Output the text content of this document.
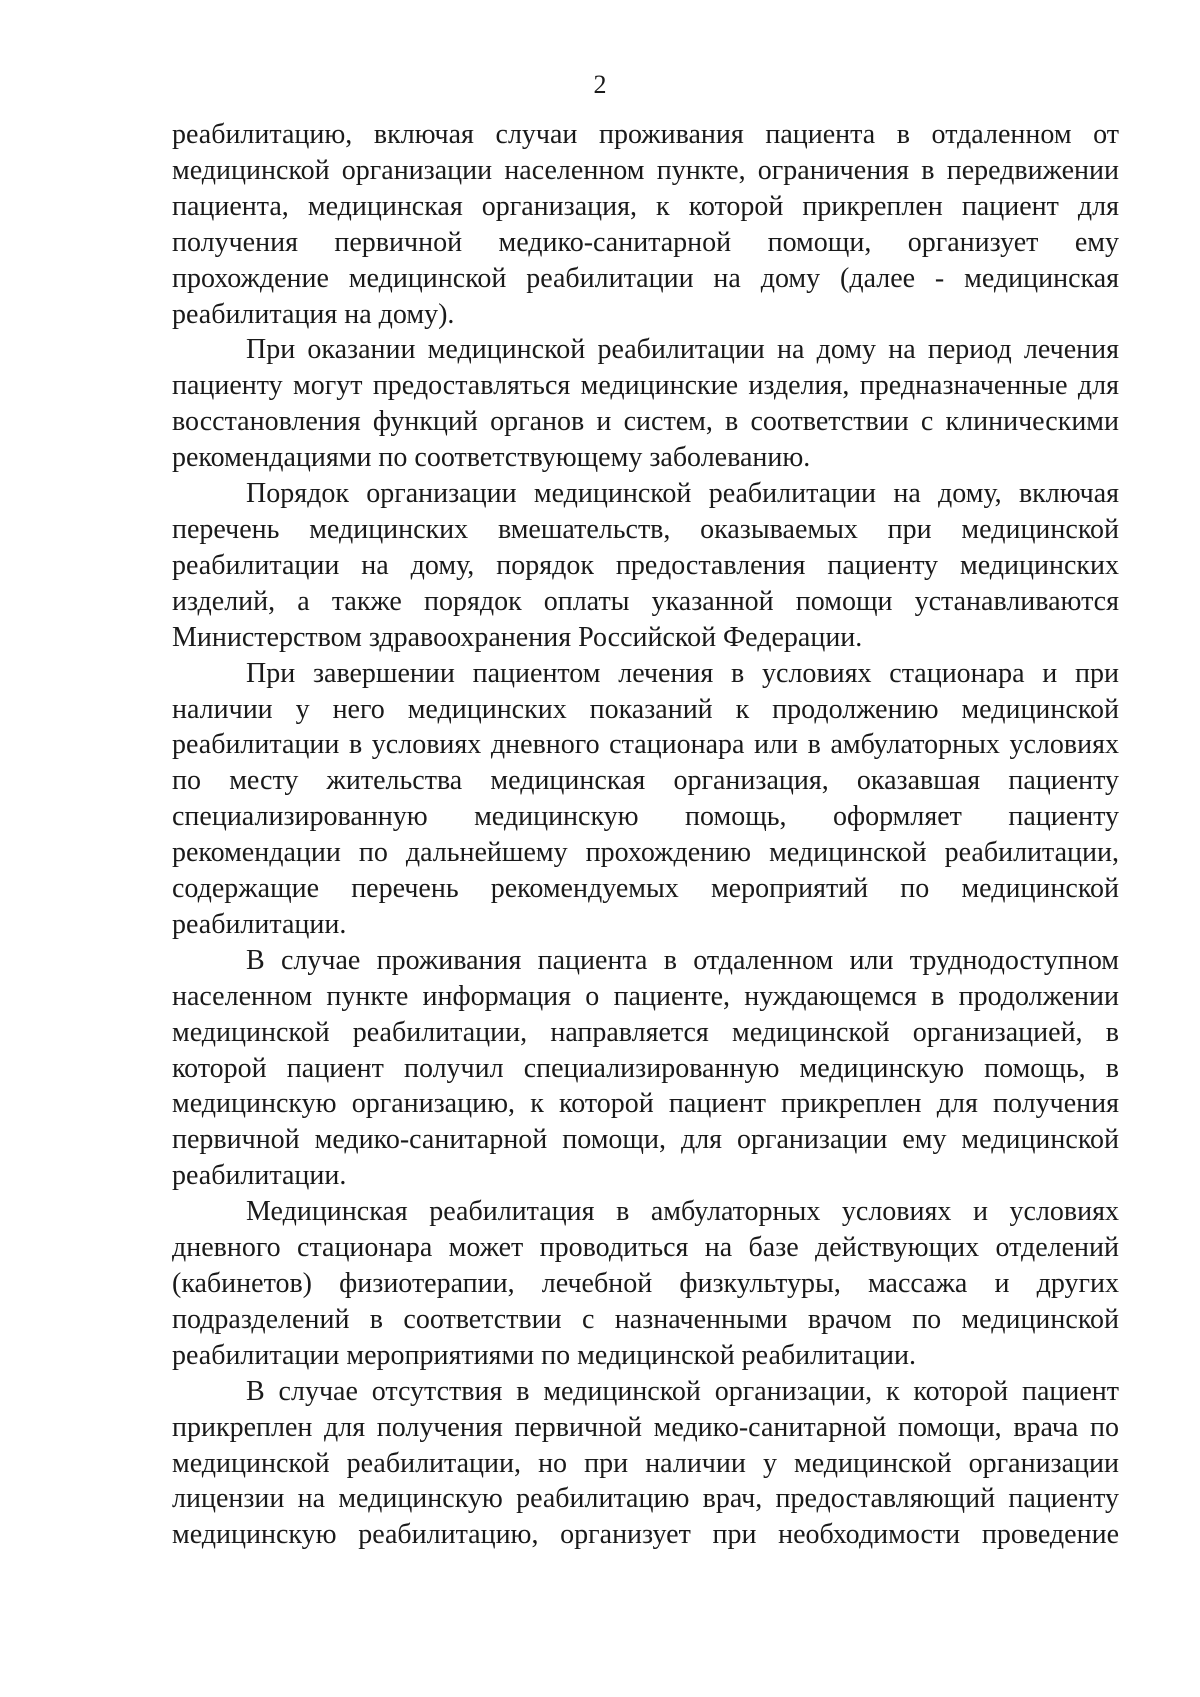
2

реабилитацию, включая случаи проживания пациента в отдаленном от медицинской организации населенном пункте, ограничения в передвижении пациента, медицинская организация, к которой прикреплен пациент для получения первичной медико-санитарной помощи, организует ему прохождение медицинской реабилитации на дому (далее - медицинская реабилитация на дому).

При оказании медицинской реабилитации на дому на период лечения пациенту могут предоставляться медицинские изделия, предназначенные для восстановления функций органов и систем, в соответствии с клиническими рекомендациями по соответствующему заболеванию.

Порядок организации медицинской реабилитации на дому, включая перечень медицинских вмешательств, оказываемых при медицинской реабилитации на дому, порядок предоставления пациенту медицинских изделий, а также порядок оплаты указанной помощи устанавливаются Министерством здравоохранения Российской Федерации.

При завершении пациентом лечения в условиях стационара и при наличии у него медицинских показаний к продолжению медицинской реабилитации в условиях дневного стационара или в амбулаторных условиях по месту жительства медицинская организация, оказавшая пациенту специализированную медицинскую помощь, оформляет пациенту рекомендации по дальнейшему прохождению медицинской реабилитации, содержащие перечень рекомендуемых мероприятий по медицинской реабилитации.

В случае проживания пациента в отдаленном или труднодоступном населенном пункте информация о пациенте, нуждающемся в продолжении медицинской реабилитации, направляется медицинской организацией, в которой пациент получил специализированную медицинскую помощь, в медицинскую организацию, к которой пациент прикреплен для получения первичной медико-санитарной помощи, для организации ему медицинской реабилитации.

Медицинская реабилитация в амбулаторных условиях и условиях дневного стационара может проводиться на базе действующих отделений (кабинетов) физиотерапии, лечебной физкультуры, массажа и других подразделений в соответствии с назначенными врачом по медицинской реабилитации мероприятиями по медицинской реабилитации.

В случае отсутствия в медицинской организации, к которой пациент прикреплен для получения первичной медико-санитарной помощи, врача по медицинской реабилитации, но при наличии у медицинской организации лицензии на медицинскую реабилитацию врач, предоставляющий пациенту медицинскую реабилитацию, организует при необходимости проведение
